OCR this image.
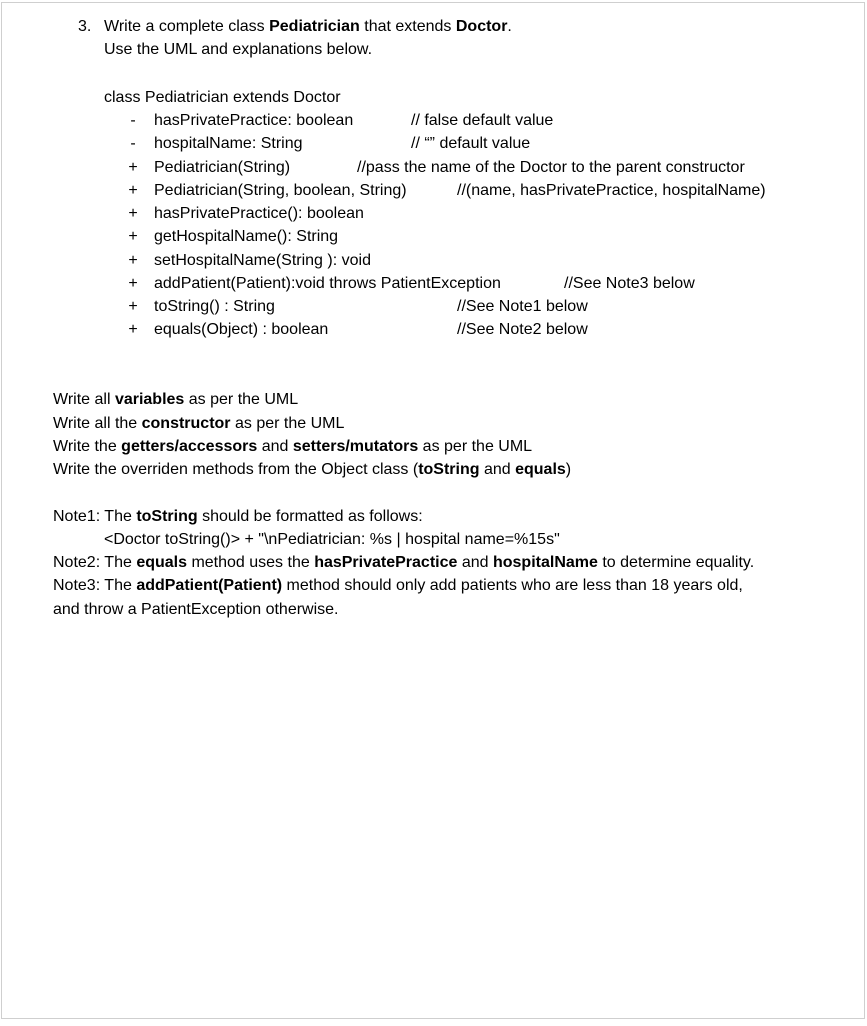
3. Write a complete class Pediatrician that extends Doctor.
Use the UML and explanations below.
class Pediatrician extends Doctor
- hasPrivatePractice: boolean	// false default value
- hospitalName: String	// “” default value
+ Pediatrician(String)	//pass the name of the Doctor to the parent constructor
+ Pediatrician(String, boolean, String)	//(name, hasPrivatePractice, hospitalName)
+ hasPrivatePractice(): boolean
+ getHospitalName(): String
+ setHospitalName(String ): void
+ addPatient(Patient):void throws PatientException	//See Note3 below
+ toString() : String	//See Note1 below
+ equals(Object) : boolean	//See Note2 below
Write all variables as per the UML
Write all the constructor as per the UML
Write the getters/accessors and setters/mutators as per the UML
Write the overriden methods from the Object class (toString and equals)
Note1: The toString should be formatted as follows:
<Doctor toString()> + "\nPediatrician: %s | hospital name=%15s"
Note2: The equals method uses the hasPrivatePractice and hospitalName to determine equality.
Note3: The addPatient(Patient) method should only add patients who are less than 18 years old,
and throw a PatientException otherwise.
